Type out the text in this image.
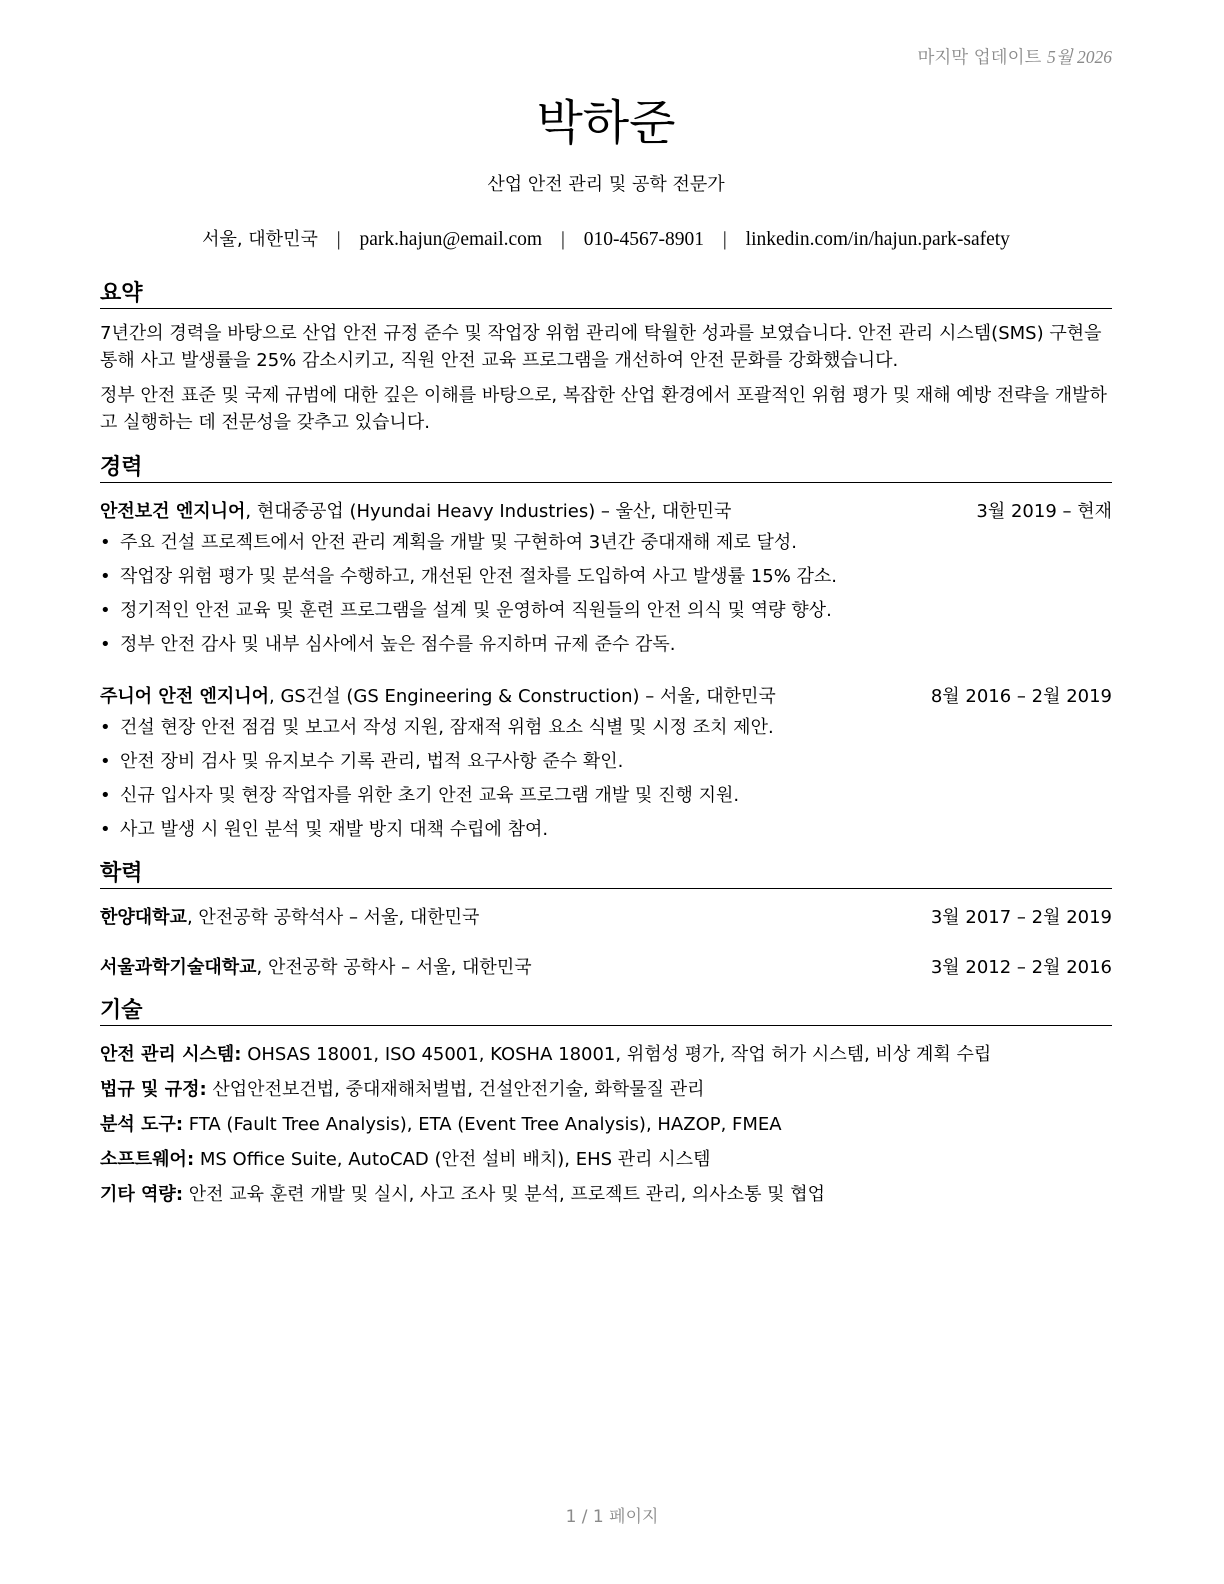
마지막 업데이트 5월 2026
박하준
산업 안전 관리 및 공학 전문가
서울, 대한민국 | park.hajun@email.com | 010-4567-8901 | linkedin.com/in/hajun.park-safety
요약
7년간의 경력을 바탕으로 산업 안전 규정 준수 및 작업장 위험 관리에 탁월한 성과를 보였습니다. 안전 관리 시스템(SMS) 구현을 통해 사고 발생률을 25% 감소시키고, 직원 안전 교육 프로그램을 개선하여 안전 문화를 강화했습니다.
정부 안전 표준 및 국제 규범에 대한 깊은 이해를 바탕으로, 복잡한 산업 환경에서 포괄적인 위험 평가 및 재해 예방 전략을 개발하고 실행하는 데 전문성을 갖추고 있습니다.
경력
안전보건 엔지니어, 현대중공업 (Hyundai Heavy Industries) – 울산, 대한민국	3월 2019 – 현재
• 주요 건설 프로젝트에서 안전 관리 계획을 개발 및 구현하여 3년간 중대재해 제로 달성.
• 작업장 위험 평가 및 분석을 수행하고, 개선된 안전 절차를 도입하여 사고 발생률 15% 감소.
• 정기적인 안전 교육 및 훈련 프로그램을 설계 및 운영하여 직원들의 안전 의식 및 역량 향상.
• 정부 안전 감사 및 내부 심사에서 높은 점수를 유지하며 규제 준수 감독.
주니어 안전 엔지니어, GS건설 (GS Engineering & Construction) – 서울, 대한민국	8월 2016 – 2월 2019
• 건설 현장 안전 점검 및 보고서 작성 지원, 잠재적 위험 요소 식별 및 시정 조치 제안.
• 안전 장비 검사 및 유지보수 기록 관리, 법적 요구사항 준수 확인.
• 신규 입사자 및 현장 작업자를 위한 초기 안전 교육 프로그램 개발 및 진행 지원.
• 사고 발생 시 원인 분석 및 재발 방지 대책 수립에 참여.
학력
한양대학교, 안전공학 공학석사 – 서울, 대한민국	3월 2017 – 2월 2019
서울과학기술대학교, 안전공학 공학사 – 서울, 대한민국	3월 2012 – 2월 2016
기술
안전 관리 시스템: OHSAS 18001, ISO 45001, KOSHA 18001, 위험성 평가, 작업 허가 시스템, 비상 계획 수립
법규 및 규정: 산업안전보건법, 중대재해처벌법, 건설안전기술, 화학물질 관리
분석 도구: FTA (Fault Tree Analysis), ETA (Event Tree Analysis), HAZOP, FMEA
소프트웨어: MS Office Suite, AutoCAD (안전 설비 배치), EHS 관리 시스템
기타 역량: 안전 교육 훈련 개발 및 실시, 사고 조사 및 분석, 프로젝트 관리, 의사소통 및 협업
1 / 1 페이지
